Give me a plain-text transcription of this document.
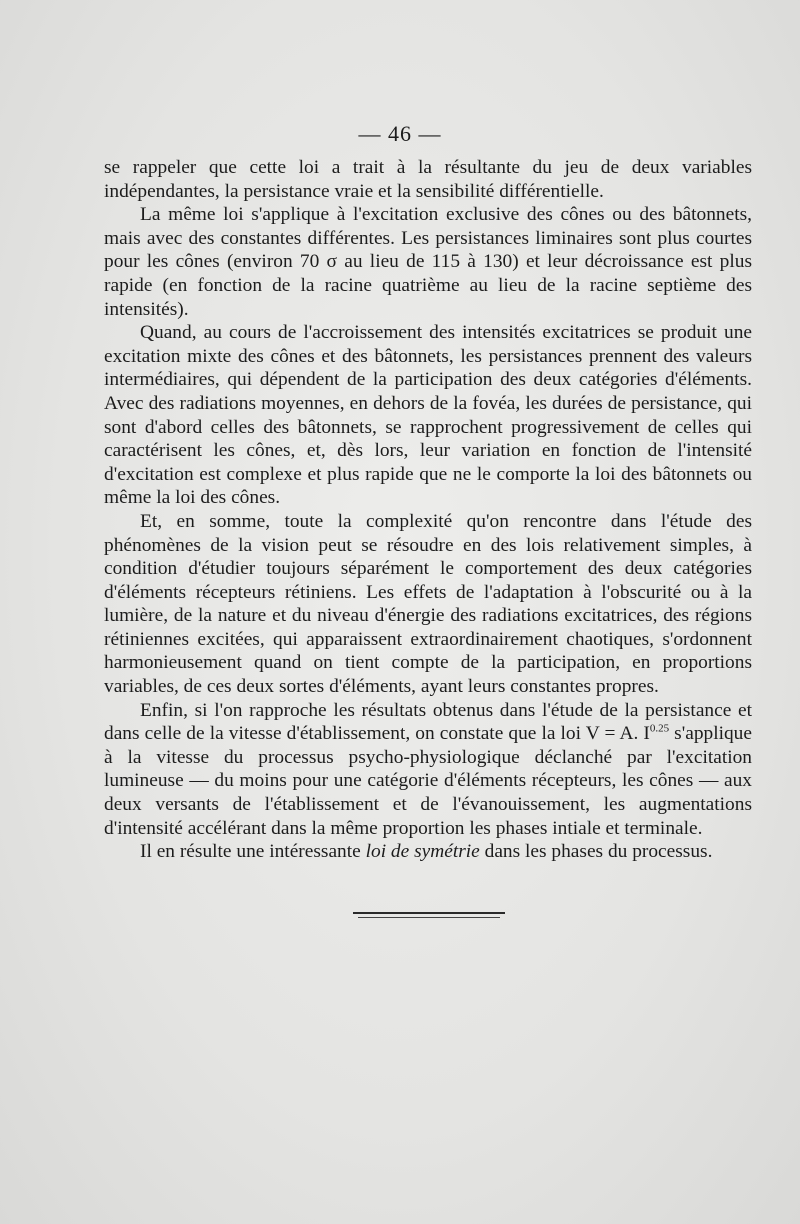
— 46 —

se rappeler que cette loi a trait à la résultante du jeu de deux variables indépendantes, la persistance vraie et la sensibilité différentielle.

La même loi s'applique à l'excitation exclusive des cônes ou des bâtonnets, mais avec des constantes différentes. Les persistances liminaires sont plus courtes pour les cônes (environ 70 σ au lieu de 115 à 130) et leur décroissance est plus rapide (en fonction de la racine quatrième au lieu de la racine septième des intensités).

Quand, au cours de l'accroissement des intensités excitatrices se produit une excitation mixte des cônes et des bâtonnets, les persistances prennent des valeurs intermédiaires, qui dépendent de la participation des deux catégories d'éléments. Avec des radiations moyennes, en dehors de la fovéa, les durées de persistance, qui sont d'abord celles des bâtonnets, se rapprochent progressivement de celles qui caractérisent les cônes, et, dès lors, leur variation en fonction de l'intensité d'excitation est complexe et plus rapide que ne le comporte la loi des bâtonnets ou même la loi des cônes.

Et, en somme, toute la complexité qu'on rencontre dans l'étude des phénomènes de la vision peut se résoudre en des lois relativement simples, à condition d'étudier toujours séparément le comportement des deux catégories d'éléments récepteurs rétiniens. Les effets de l'adaptation à l'obscurité ou à la lumière, de la nature et du niveau d'énergie des radiations excitatrices, des régions rétiniennes excitées, qui apparaissent extraordinairement chaotiques, s'ordonnent harmonieusement quand on tient compte de la participation, en proportions variables, de ces deux sortes d'éléments, ayant leurs constantes propres.

Enfin, si l'on rapproche les résultats obtenus dans l'étude de la persistance et dans celle de la vitesse d'établissement, on constate que la loi V = A. $I^{0.25}$ s'applique à la vitesse du processus psycho-physiologique déclanché par l'excitation lumineuse — du moins pour une catégorie d'éléments récepteurs, les cônes — aux deux versants de l'établissement et de l'évanouissement, les augmentations d'intensité accélérant dans la même proportion les phases intiale et terminale.

Il en résulte une intéressante loi de symétrie dans les phases du processus.
